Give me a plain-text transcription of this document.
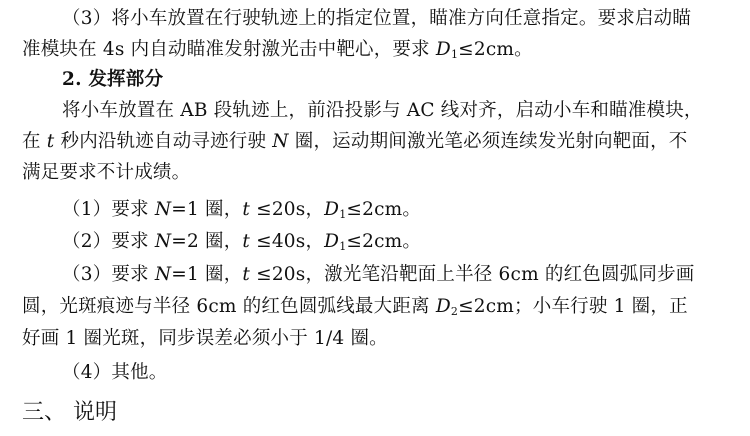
（3）将小车放置在行驶轨迹上的指定位置，瞄准方向任意指定。要求启动瞄
准模块在 4s 内自动瞄准发射激光击中靶心，要求 $D_1\le 2cm$。
2. 发挥部分
将小车放置在 AB 段轨迹上，前沿投影与 AC 线对齐，启动小车和瞄准模块，
在 t 秒内沿轨迹自动寻迹行驶 N 圈，运动期间激光笔必须连续发光射向靶面，不
满足要求不计成绩。
（1）要求 N=1 圈，t ≤20s，$D_1\le 2cm$。
（2）要求 N=2 圈，t ≤40s，$D_1\le 2cm$。
（3）要求 N=1 圈，t ≤20s，激光笔沿靶面上半径 6cm 的红色圆弧同步画
圆，光斑痕迹与半径 6cm 的红色圆弧线最大距离 $D_2\le 2cm$；小车行驶 1 圈，正
好画 1 圈光斑，同步误差必须小于 1/4 圈。
（4）其他。
三、 说明
